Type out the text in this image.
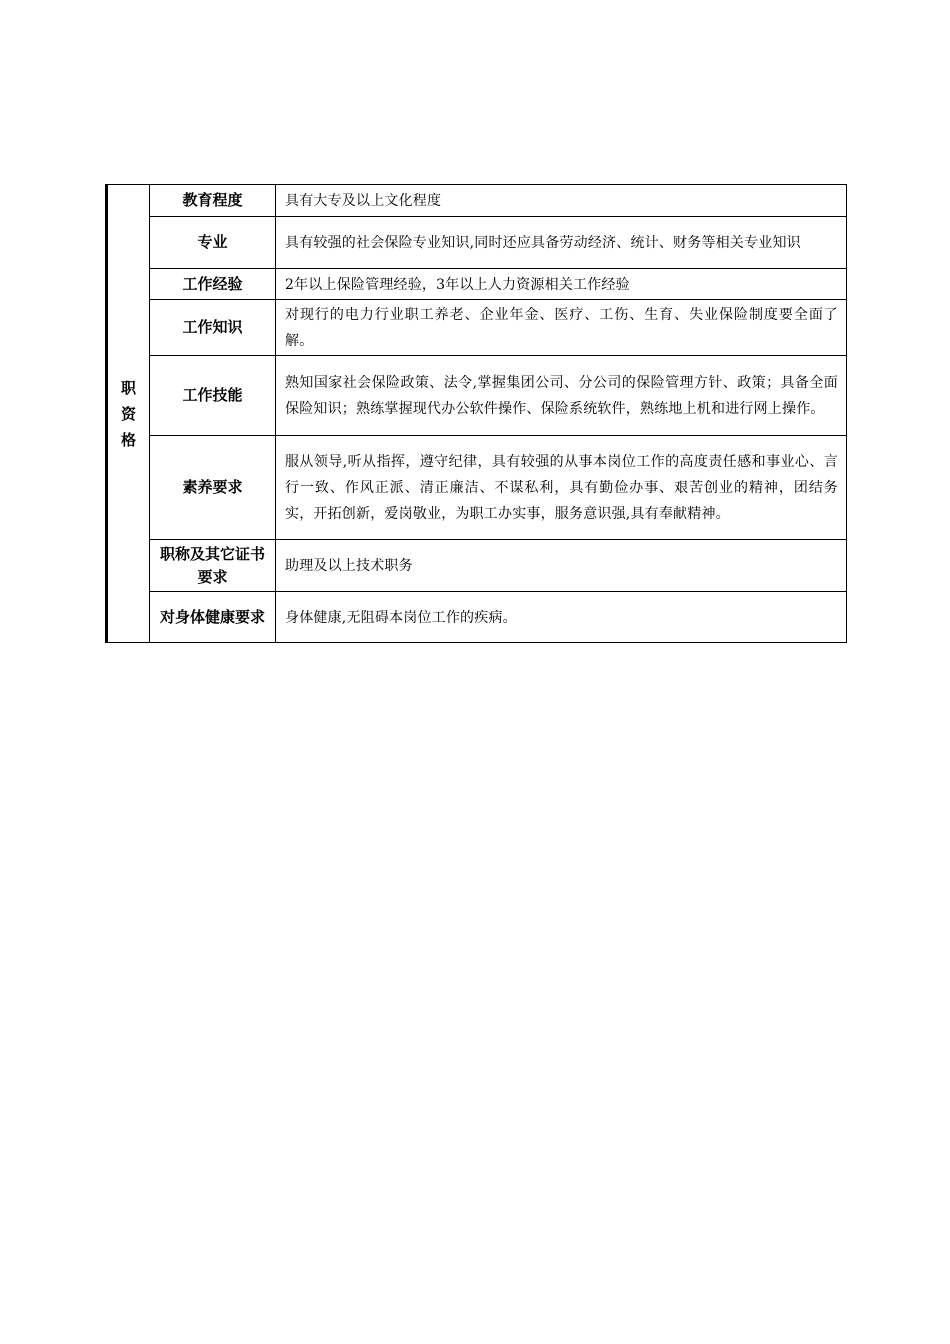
职
资
格	教育程度	具有大专及以上文化程度
	专业	具有较强的社会保险专业知识,同时还应具备劳动经济、统计、财务等相关专业知识
	工作经验	2年以上保险管理经验，3年以上人力资源相关工作经验
	工作知识	对现行的电力行业职工养老、企业年金、医疗、工伤、生育、失业保险制度要全面了解。
	工作技能	熟知国家社会保险政策、法令,掌握集团公司、分公司的保险管理方针、政策；具备全面保险知识；熟练掌握现代办公软件操作、保险系统软件，熟练地上机和进行网上操作。
	素养要求	服从领导,听从指挥，遵守纪律，具有较强的从事本岗位工作的高度责任感和事业心、言行一致、作风正派、清正廉洁、不谋私利，具有勤俭办事、艰苦创业的精神，团结务实，开拓创新，爱岗敬业，为职工办实事，服务意识强,具有奉献精神。
	职称及其它证书要求	助理及以上技术职务
	对身体健康要求	身体健康,无阻碍本岗位工作的疾病。
